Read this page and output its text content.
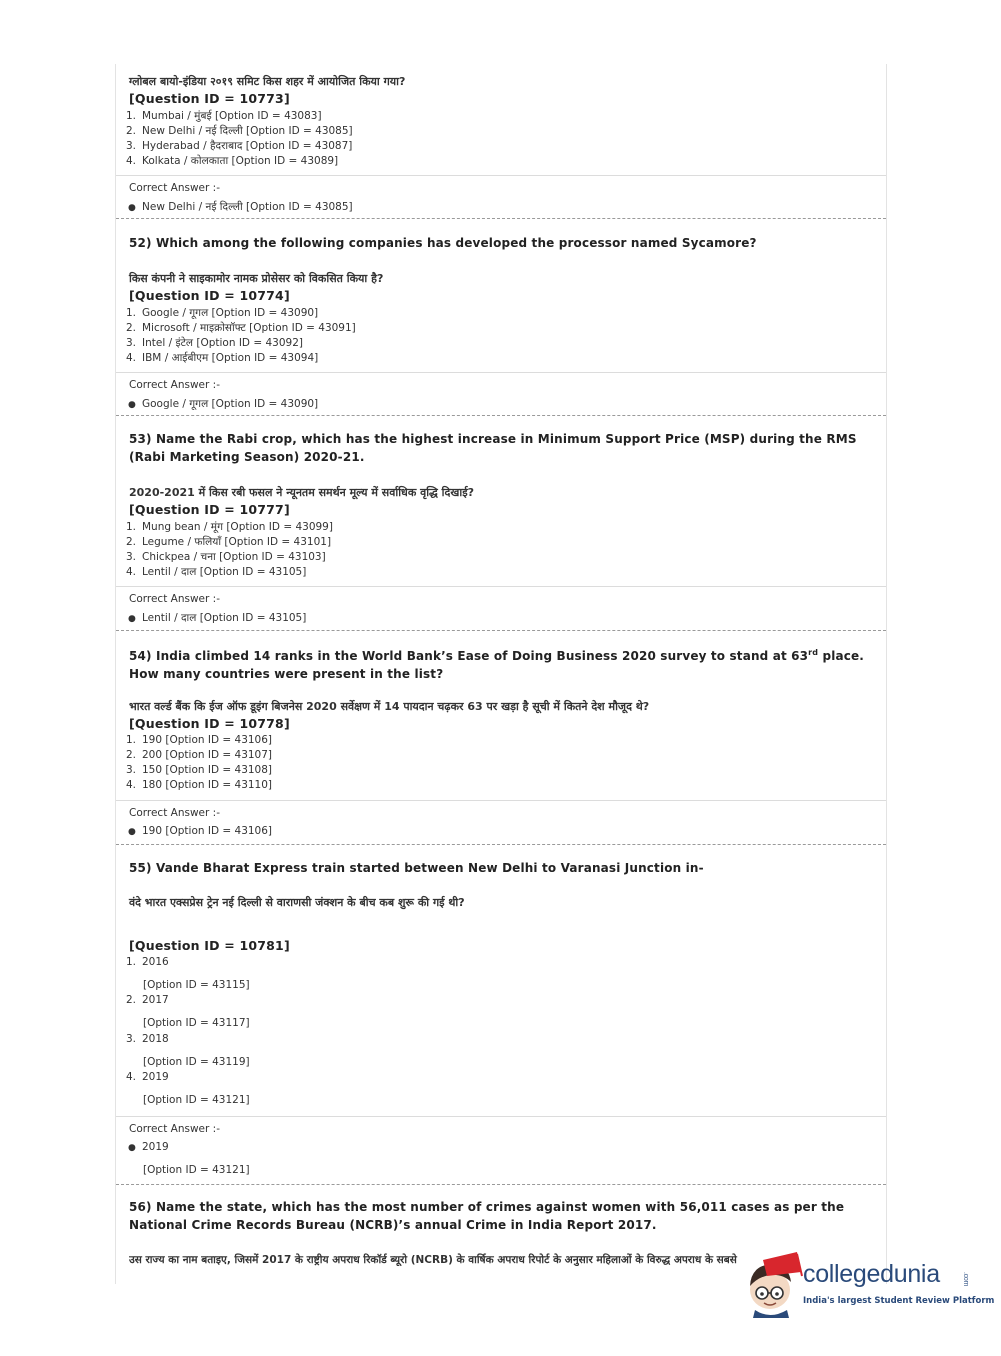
ग्लोबल बायो-इंडिया २०१९ समिट किस शहर में आयोजित किया गया?
[Question ID = 10773]
1. Mumbai / मुंबई [Option ID = 43083]
2. New Delhi / नई दिल्ली [Option ID = 43085]
3. Hyderabad / हैदराबाद [Option ID = 43087]
4. Kolkata / कोलकाता [Option ID = 43089]
Correct Answer :-
● New Delhi / नई दिल्ली [Option ID = 43085]
52) Which among the following companies has developed the processor named Sycamore?
किस कंपनी ने साइकामोर नामक प्रोसेसर को विकसित किया है?
[Question ID = 10774]
1. Google / गूगल [Option ID = 43090]
2. Microsoft / माइक्रोसॉफ्ट [Option ID = 43091]
3. Intel / इंटेल [Option ID = 43092]
4. IBM / आईबीएम [Option ID = 43094]
Correct Answer :-
● Google / गूगल [Option ID = 43090]
53) Name the Rabi crop, which has the highest increase in Minimum Support Price (MSP) during the RMS (Rabi Marketing Season) 2020-21.
2020-2021 में किस रबी फसल ने न्यूनतम समर्थन मूल्य में सर्वाधिक वृद्धि दिखाई?
[Question ID = 10777]
1. Mung bean / मूंग [Option ID = 43099]
2. Legume / फलियाँ [Option ID = 43101]
3. Chickpea / चना [Option ID = 43103]
4. Lentil / दाल [Option ID = 43105]
Correct Answer :-
● Lentil / दाल [Option ID = 43105]
54) India climbed 14 ranks in the World Bank’s Ease of Doing Business 2020 survey to stand at 63rd place. How many countries were present in the list?
भारत वर्ल्ड बैंक कि ईज ऑफ डूइंग बिजनेस 2020 सर्वेक्षण में 14 पायदान चढ़कर 63 पर खड़ा है सूची में कितने देश मौजूद थे?
[Question ID = 10778]
1. 190 [Option ID = 43106]
2. 200 [Option ID = 43107]
3. 150 [Option ID = 43108]
4. 180 [Option ID = 43110]
Correct Answer :-
● 190 [Option ID = 43106]
55) Vande Bharat Express train started between New Delhi to Varanasi Junction in-
वंदे भारत एक्सप्रेस ट्रेन नई दिल्ली से वाराणसी जंक्शन के बीच कब शुरू की गई थी?
[Question ID = 10781]
1. 2016
[Option ID = 43115]
2. 2017
[Option ID = 43117]
3. 2018
[Option ID = 43119]
4. 2019
[Option ID = 43121]
Correct Answer :-
● 2019
[Option ID = 43121]
56) Name the state, which has the most number of crimes against women with 56,011 cases as per the National Crime Records Bureau (NCRB)’s annual Crime in India Report 2017.
उस राज्य का नाम बताइए, जिसमें 2017 के राष्ट्रीय अपराध रिकॉर्ड ब्यूरो (NCRB) के वार्षिक अपराध रिपोर्ट के अनुसार महिलाओं के विरुद्ध अपराध के सबसे	collegedunia	.com
India's largest Student Review Platform
